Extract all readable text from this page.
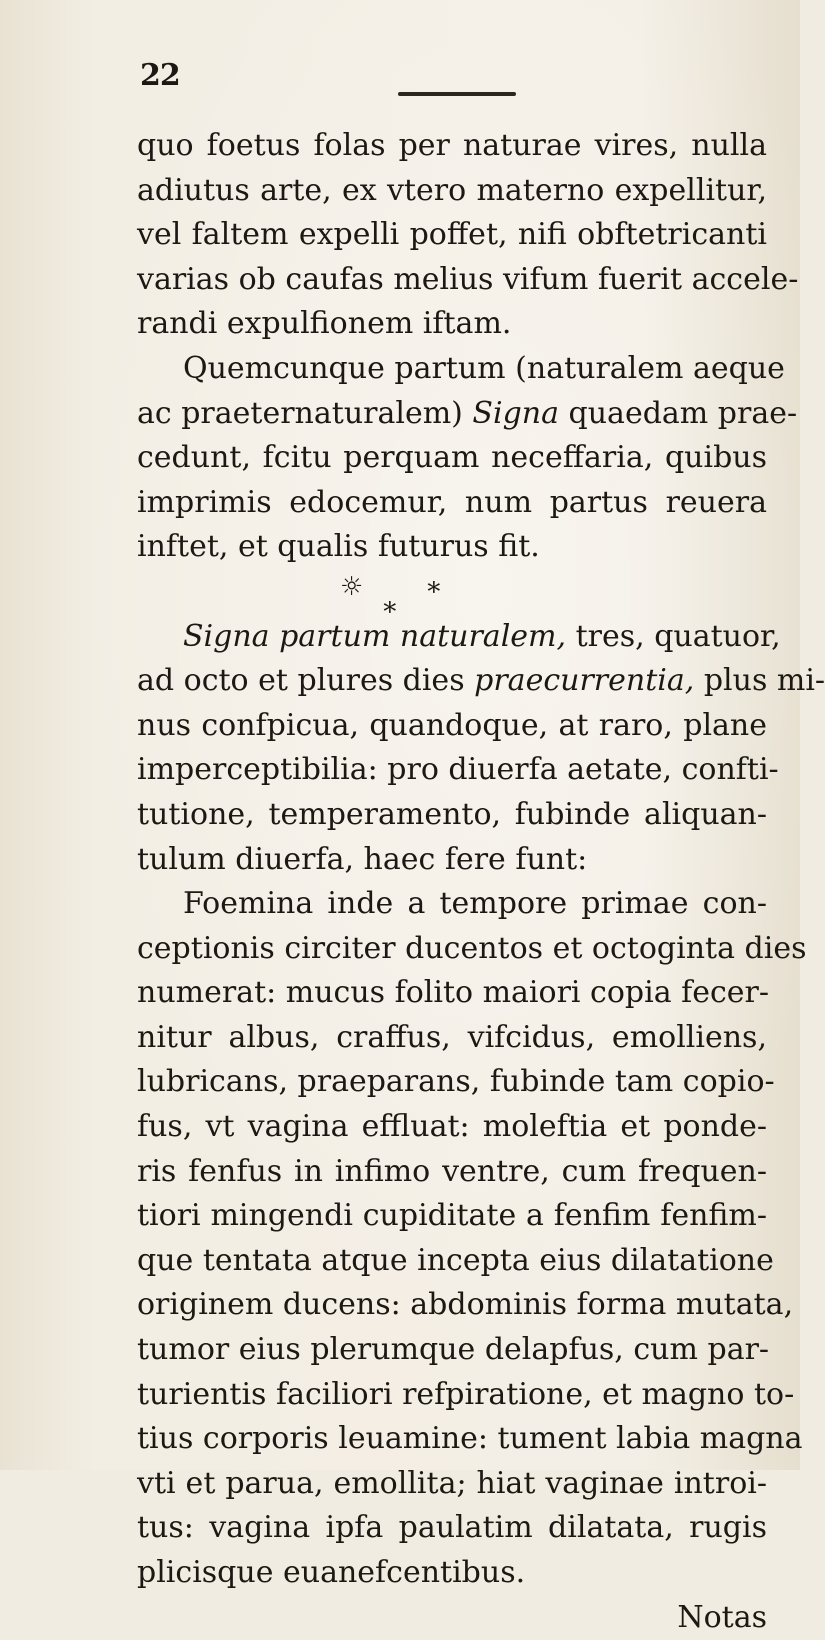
22
quo foetus folas per naturae vires, nulla
adiutus arte, ex vtero materno expellitur,
vel faltem expelli poffet, nifi obftetricanti
varias ob caufas melius vifum fuerit accele-
randi expulfionem iftam.
Quemcunque partum (naturalem aeque
ac praeternaturalem) Signa quaedam prae-
cedunt, fcitu perquam neceffaria, quibus
imprimis edocemur, num partus reuera
inftet, et qualis futurus fit.
☼ ∗
∗
Signa partum naturalem, tres, quatuor,
ad octo et plures dies praecurrentia, plus mi-
nus confpicua, quandoque, at raro, plane
imperceptibilia: pro diuerfa aetate, confti-
tutione, temperamento, fubinde aliquan-
tulum diuerfa, haec fere funt:
Foemina inde a tempore primae con-
ceptionis circiter ducentos et octoginta dies
numerat: mucus folito maiori copia fecer-
nitur albus, craffus, vifcidus, emolliens,
lubricans, praeparans, fubinde tam copio-
fus, vt vagina effluat: moleftia et ponde-
ris fenfus in infimo ventre, cum frequen-
tiori mingendi cupiditate a fenfim fenfim-
que tentata atque incepta eius dilatatione
originem ducens: abdominis forma mutata,
tumor eius plerumque delapfus, cum par-
turientis faciliori refpiratione, et magno to-
tius corporis leuamine: tument labia magna
vti et parua, emollita; hiat vaginae introi-
tus: vagina ipfa paulatim dilatata, rugis
plicisque euanefcentibus.
Notas
